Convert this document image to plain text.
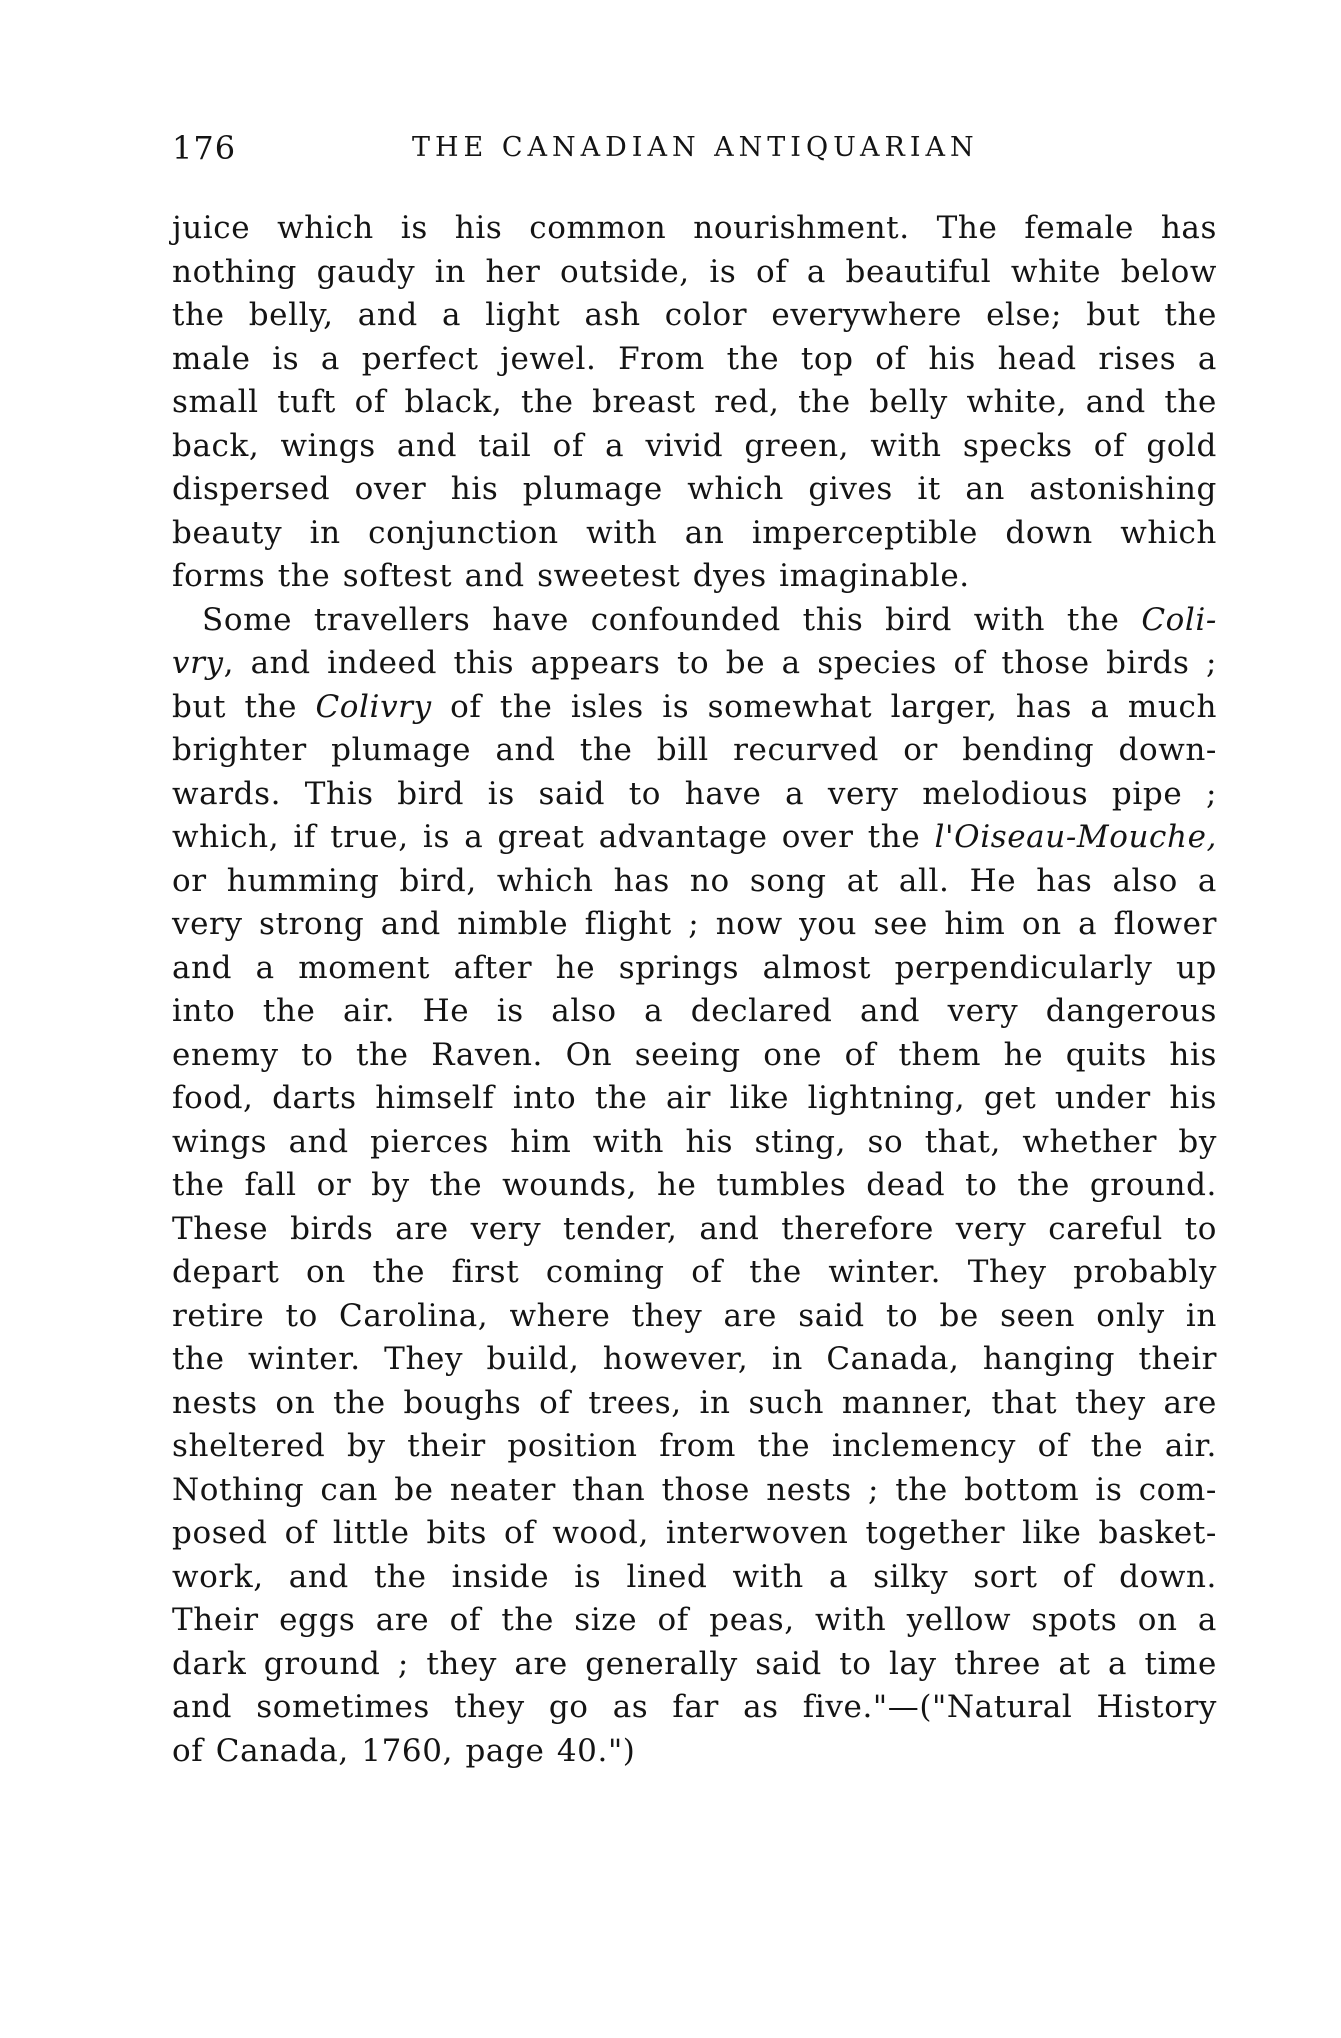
176	THE CANADIAN ANTIQUARIAN
juice which is his common nourishment. The female has
nothing gaudy in her outside, is of a beautiful white below
the belly, and a light ash color everywhere else; but the
male is a perfect jewel. From the top of his head rises a
small tuft of black, the breast red, the belly white, and the
back, wings and tail of a vivid green, with specks of gold
dispersed over his plumage which gives it an astonishing
beauty in conjunction with an imperceptible down which
forms the softest and sweetest dyes imaginable.
Some travellers have confounded this bird with the Coli-
vry, and indeed this appears to be a species of those birds ;
but the Colivry of the isles is somewhat larger, has a much
brighter plumage and the bill recurved or bending down-
wards. This bird is said to have a very melodious pipe ;
which, if true, is a great advantage over the l'Oiseau-Mouche,
or humming bird, which has no song at all. He has also a
very strong and nimble flight ; now you see him on a flower
and a moment after he springs almost perpendicularly up
into the air. He is also a declared and very dangerous
enemy to the Raven. On seeing one of them he quits his
food, darts himself into the air like lightning, get under his
wings and pierces him with his sting, so that, whether by
the fall or by the wounds, he tumbles dead to the ground.
These birds are very tender, and therefore very careful to
depart on the first coming of the winter. They probably
retire to Carolina, where they are said to be seen only in
the winter. They build, however, in Canada, hanging their
nests on the boughs of trees, in such manner, that they are
sheltered by their position from the inclemency of the air.
Nothing can be neater than those nests ; the bottom is com-
posed of little bits of wood, interwoven together like basket-
work, and the inside is lined with a silky sort of down.
Their eggs are of the size of peas, with yellow spots on a
dark ground ; they are generally said to lay three at a time
and sometimes they go as far as five."—("Natural History
of Canada, 1760, page 40.")
